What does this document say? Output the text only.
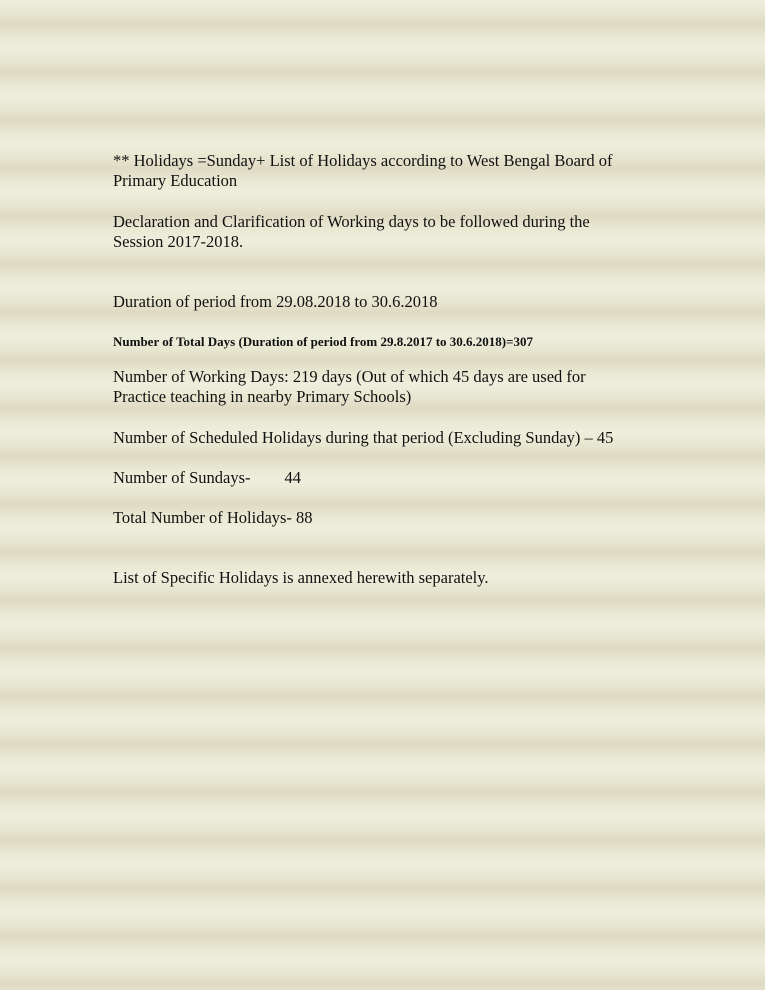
** Holidays =Sunday+ List of Holidays according to West Bengal Board of
Primary Education
Declaration and Clarification of Working days to be followed during the
Session 2017-2018.
Duration of period from 29.08.2018 to 30.6.2018
Number of Total Days (Duration of period from 29.8.2017 to 30.6.2018)=307
Number of Working Days: 219 days (Out of which 45 days are used for
Practice teaching in nearby Primary Schools)
Number of Scheduled Holidays during that period (Excluding Sunday) – 45
Number of Sundays- 44
Total Number of Holidays- 88
List of Specific Holidays is annexed herewith separately.
